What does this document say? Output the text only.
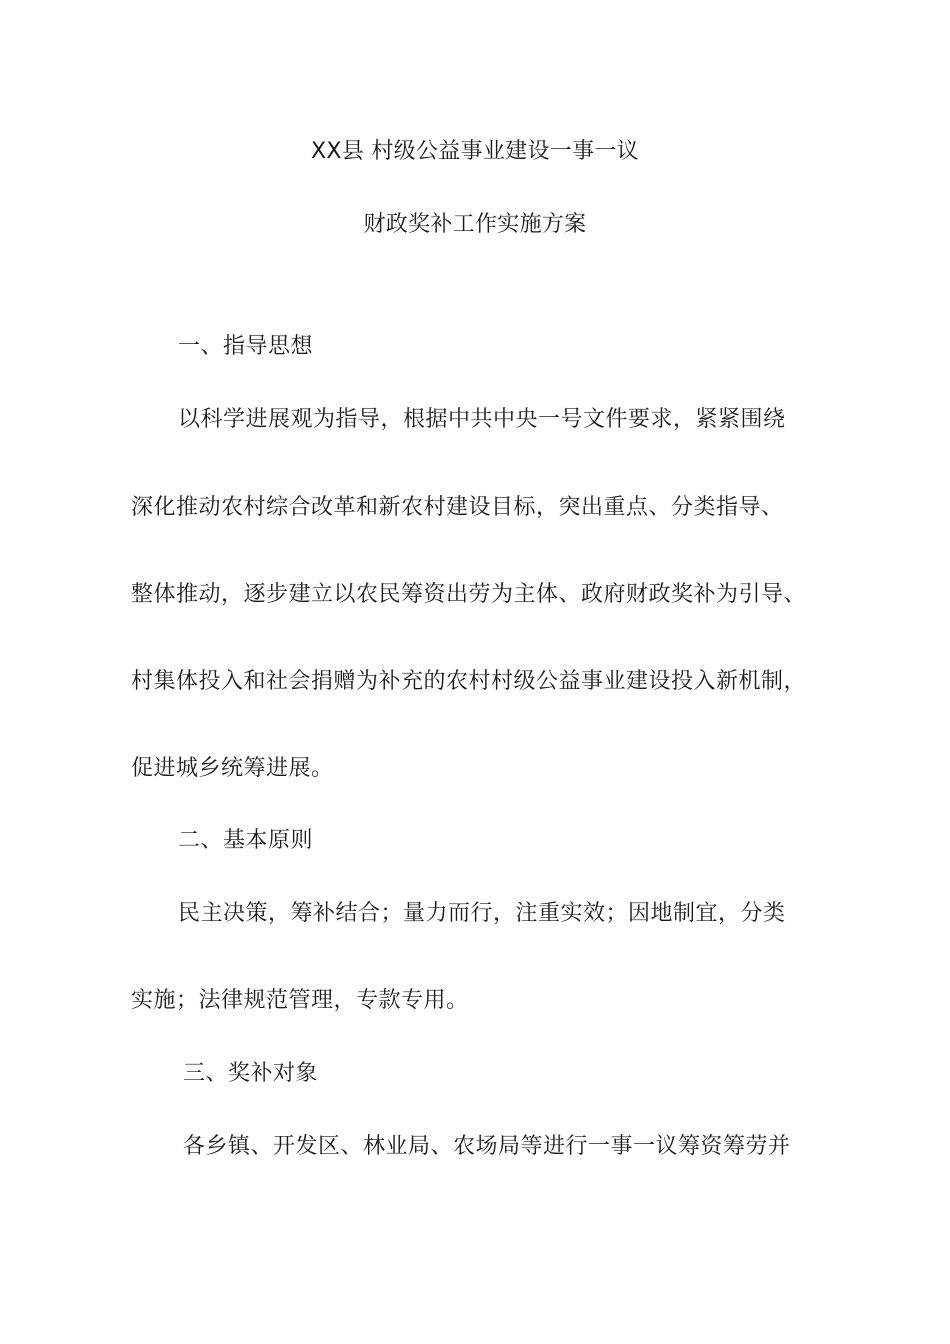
XX县 村级公益事业建设一事一议
财政奖补工作实施方案
一、指导思想
以科学进展观为指导，根据中共中央一号文件要求，紧紧围绕
深化推动农村综合改革和新农村建设目标，突出重点、分类指导、
整体推动，逐步建立以农民筹资出劳为主体、政府财政奖补为引导、
村集体投入和社会捐赠为补充的农村村级公益事业建设投入新机制，
促进城乡统筹进展。
二、基本原则
民主决策，筹补结合；量力而行，注重实效；因地制宜，分类
实施；法律规范管理，专款专用。
三、奖补对象
各乡镇、开发区、林业局、农场局等进行一事一议筹资筹劳并
